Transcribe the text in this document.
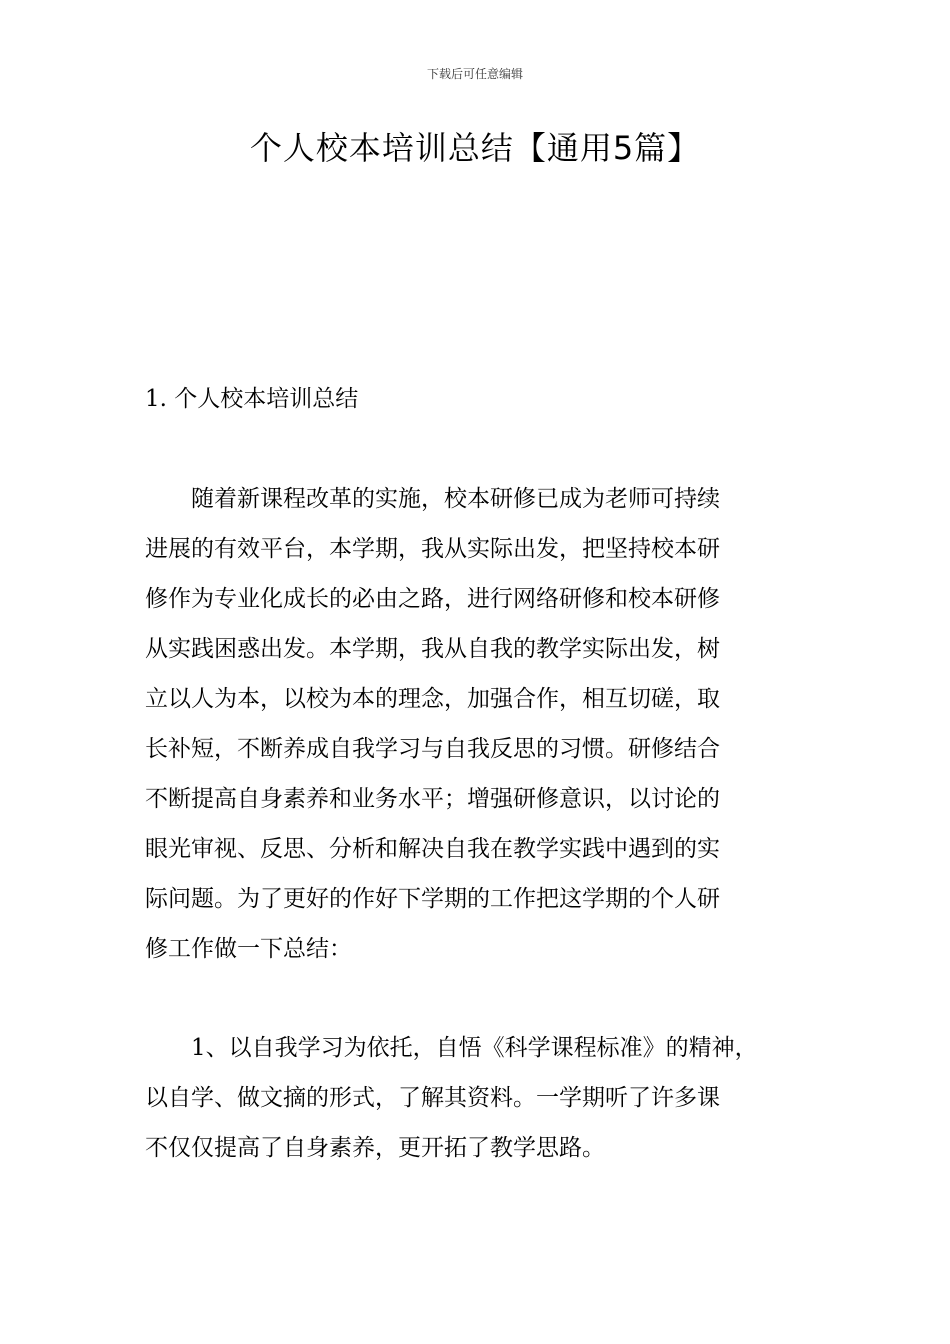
下载后可任意编辑
个人校本培训总结【通用5篇】
1. 个人校本培训总结
随着新课程改革的实施，校本研修已成为老师可持续
进展的有效平台，本学期，我从实际出发，把坚持校本研
修作为专业化成长的必由之路，进行网络研修和校本研修
从实践困惑出发。本学期，我从自我的教学实际出发，树
立以人为本，以校为本的理念，加强合作，相互切磋，取
长补短，不断养成自我学习与自我反思的习惯。研修结合
不断提高自身素养和业务水平；增强研修意识，以讨论的
眼光审视、反思、分析和解决自我在教学实践中遇到的实
际问题。为了更好的作好下学期的工作把这学期的个人研
修工作做一下总结：
1、以自我学习为依托，自悟《科学课程标准》的精神，
以自学、做文摘的形式，了解其资料。一学期听了许多课
不仅仅提高了自身素养，更开拓了教学思路。
